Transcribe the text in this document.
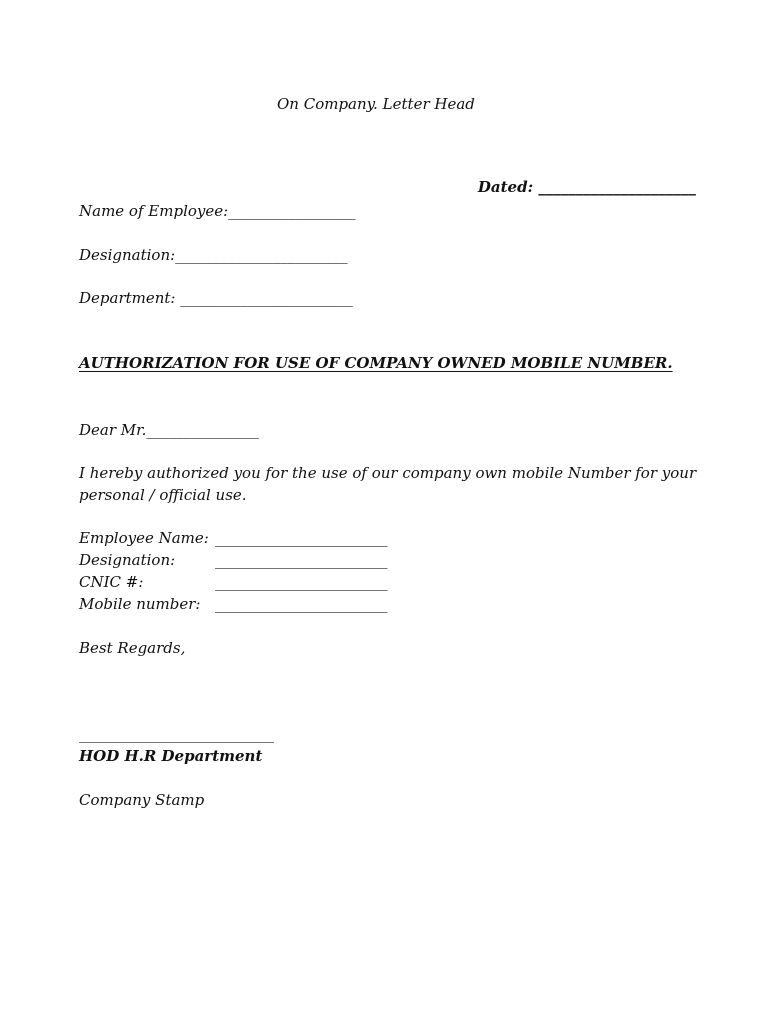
On Company. Letter Head

Dated: _____________________

Name of Employee:_________________
Designation:_______________________
Department: _______________________
AUTHORIZATION FOR USE OF COMPANY OWNED MOBILE NUMBER.
Dear Mr._______________
I hereby authorized you for the use of our company own mobile Number for your
personal / official use.
Employee Name: _______________________
Designation:	_______________________
CNIC #:	_______________________
Mobile number: _______________________
Best Regards,
__________________________
HOD H.R Department
Company Stamp
